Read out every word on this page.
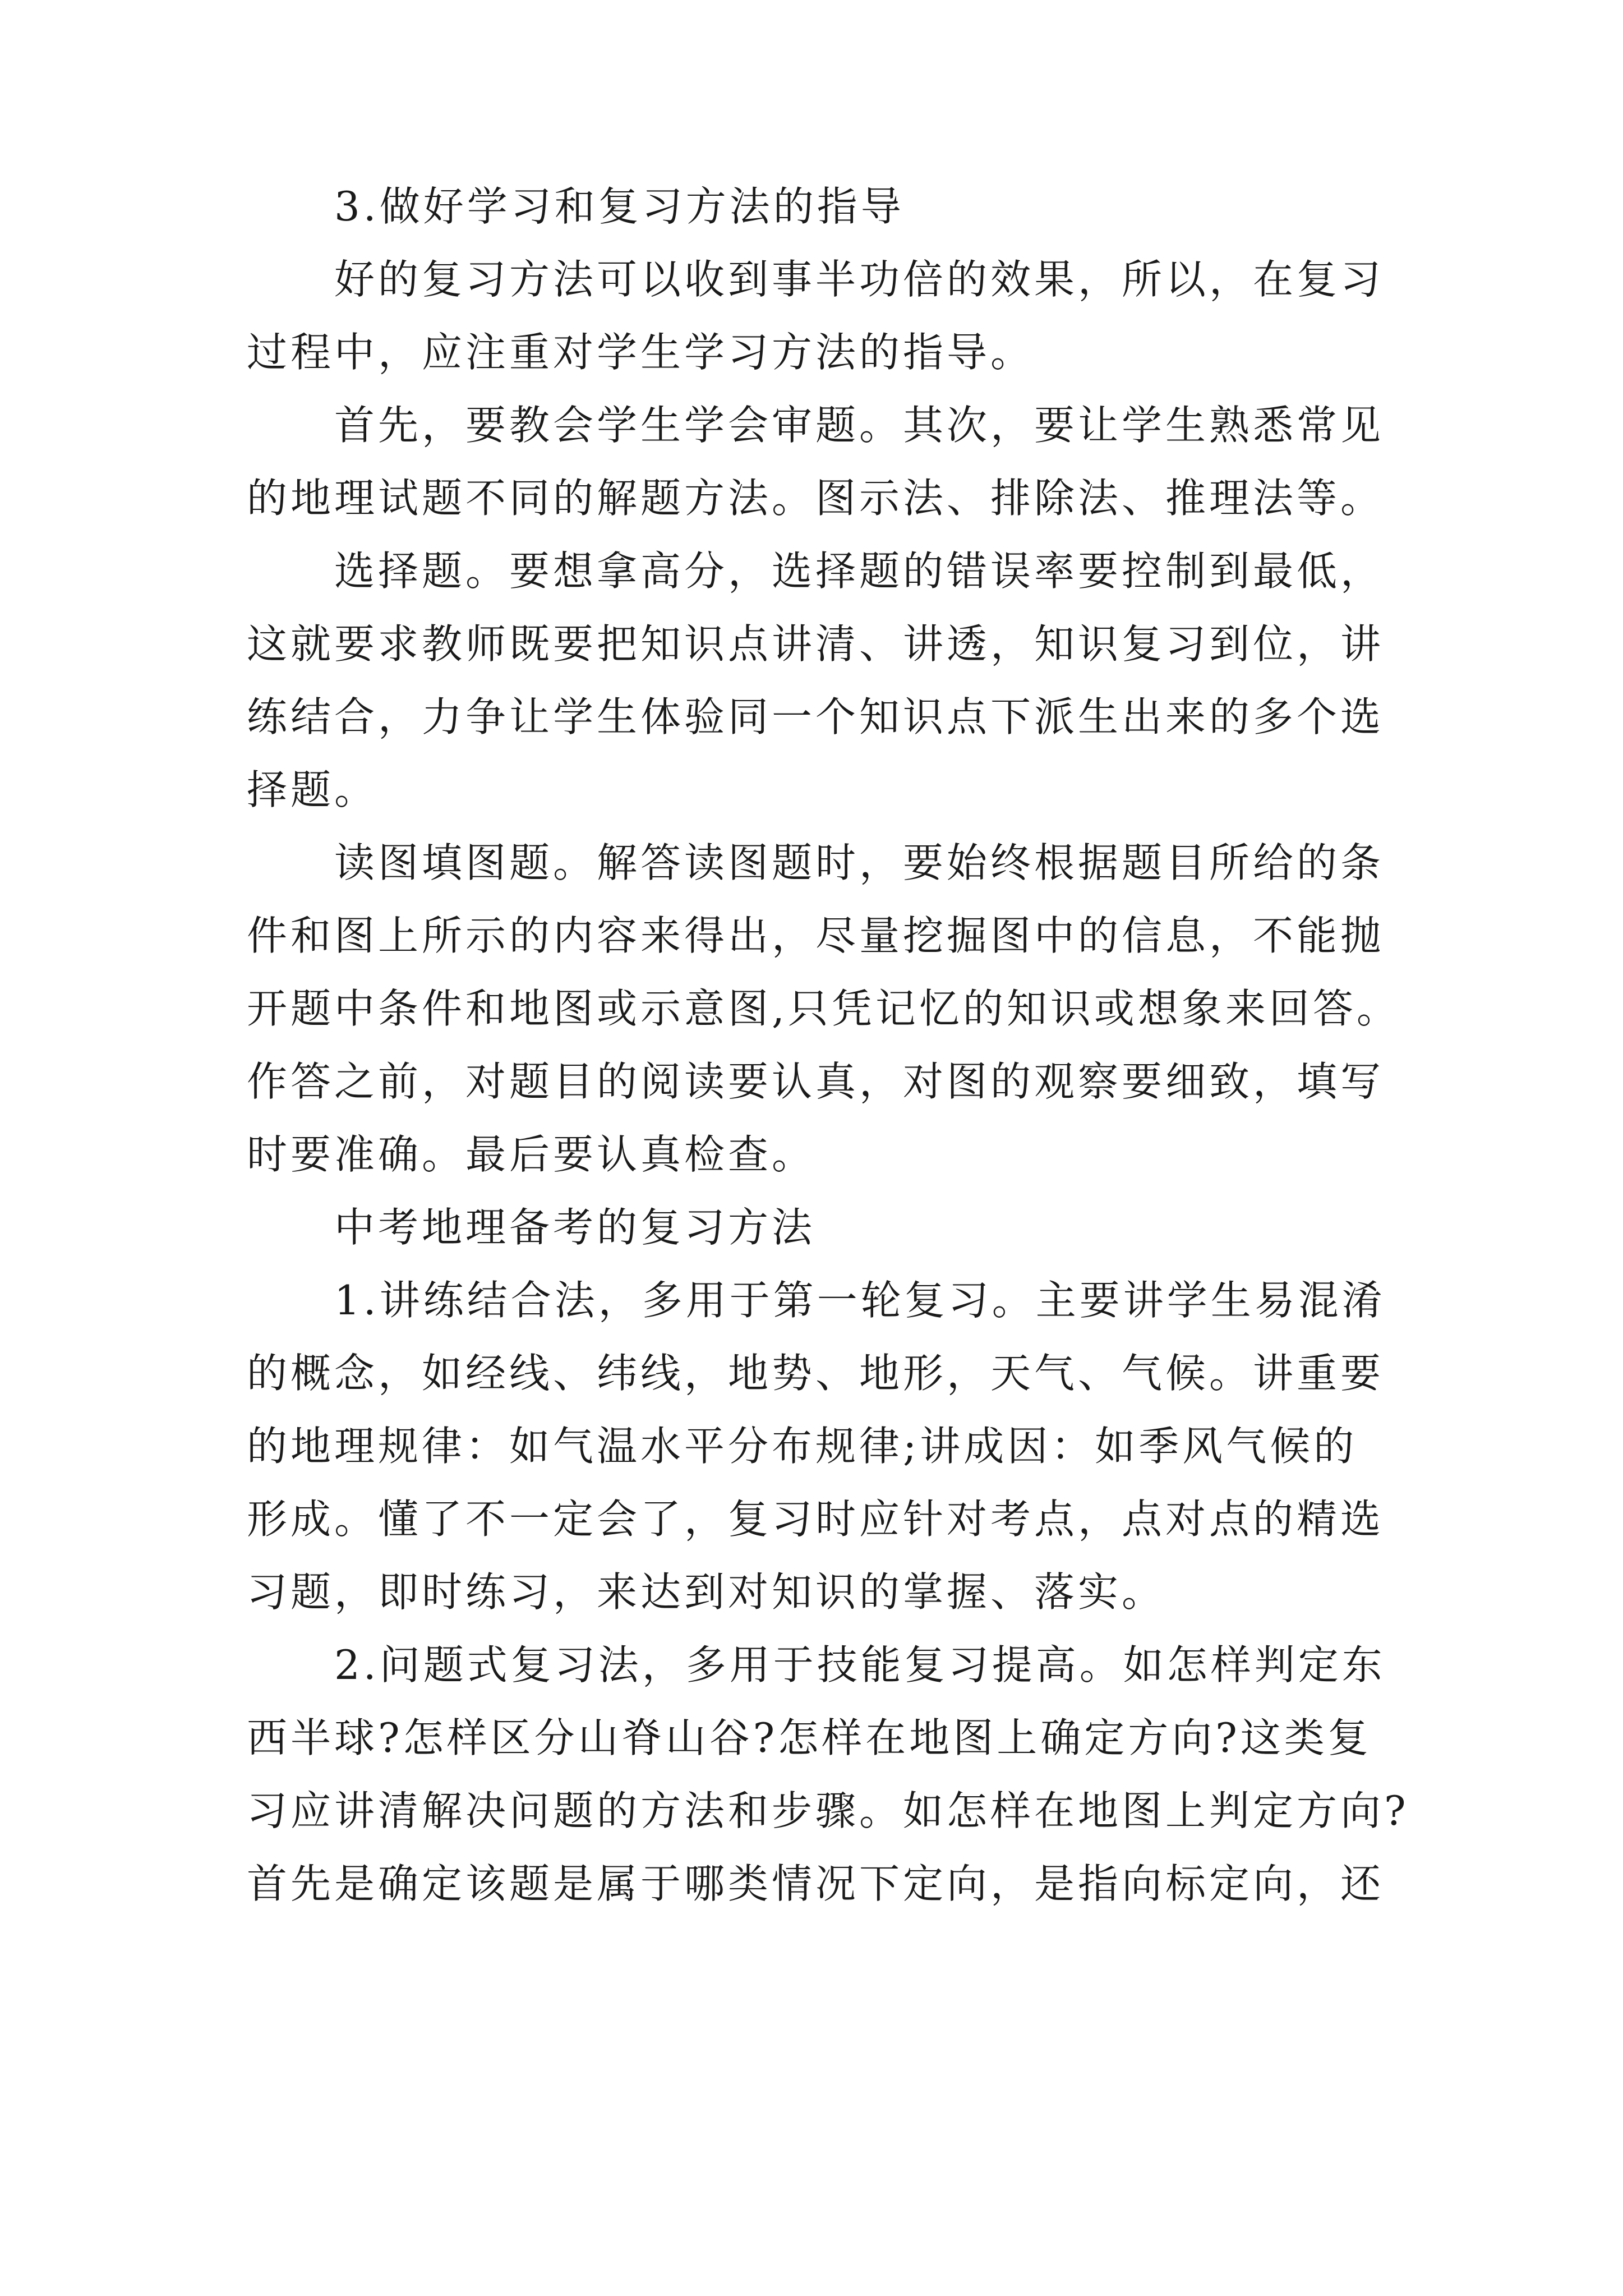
3.做好学习和复习方法的指导
好的复习方法可以收到事半功倍的效果，所以，在复习
过程中，应注重对学生学习方法的指导。
首先，要教会学生学会审题。其次，要让学生熟悉常见
的地理试题不同的解题方法。图示法、排除法、推理法等。
选择题。要想拿高分，选择题的错误率要控制到最低，
这就要求教师既要把知识点讲清、讲透，知识复习到位，讲
练结合，力争让学生体验同一个知识点下派生出来的多个选
择题。
读图填图题。解答读图题时，要始终根据题目所给的条
件和图上所示的内容来得出，尽量挖掘图中的信息，不能抛
开题中条件和地图或示意图,只凭记忆的知识或想象来回答。
作答之前，对题目的阅读要认真，对图的观察要细致，填写
时要准确。最后要认真检查。
中考地理备考的复习方法
1.讲练结合法，多用于第一轮复习。主要讲学生易混淆
的概念，如经线、纬线，地势、地形，天气、气候。讲重要
的地理规律：如气温水平分布规律;讲成因：如季风气候的
形成。懂了不一定会了，复习时应针对考点，点对点的精选
习题，即时练习，来达到对知识的掌握、落实。
2.问题式复习法，多用于技能复习提高。如怎样判定东
西半球?怎样区分山脊山谷?怎样在地图上确定方向?这类复
习应讲清解决问题的方法和步骤。如怎样在地图上判定方向?
首先是确定该题是属于哪类情况下定向，是指向标定向，还
